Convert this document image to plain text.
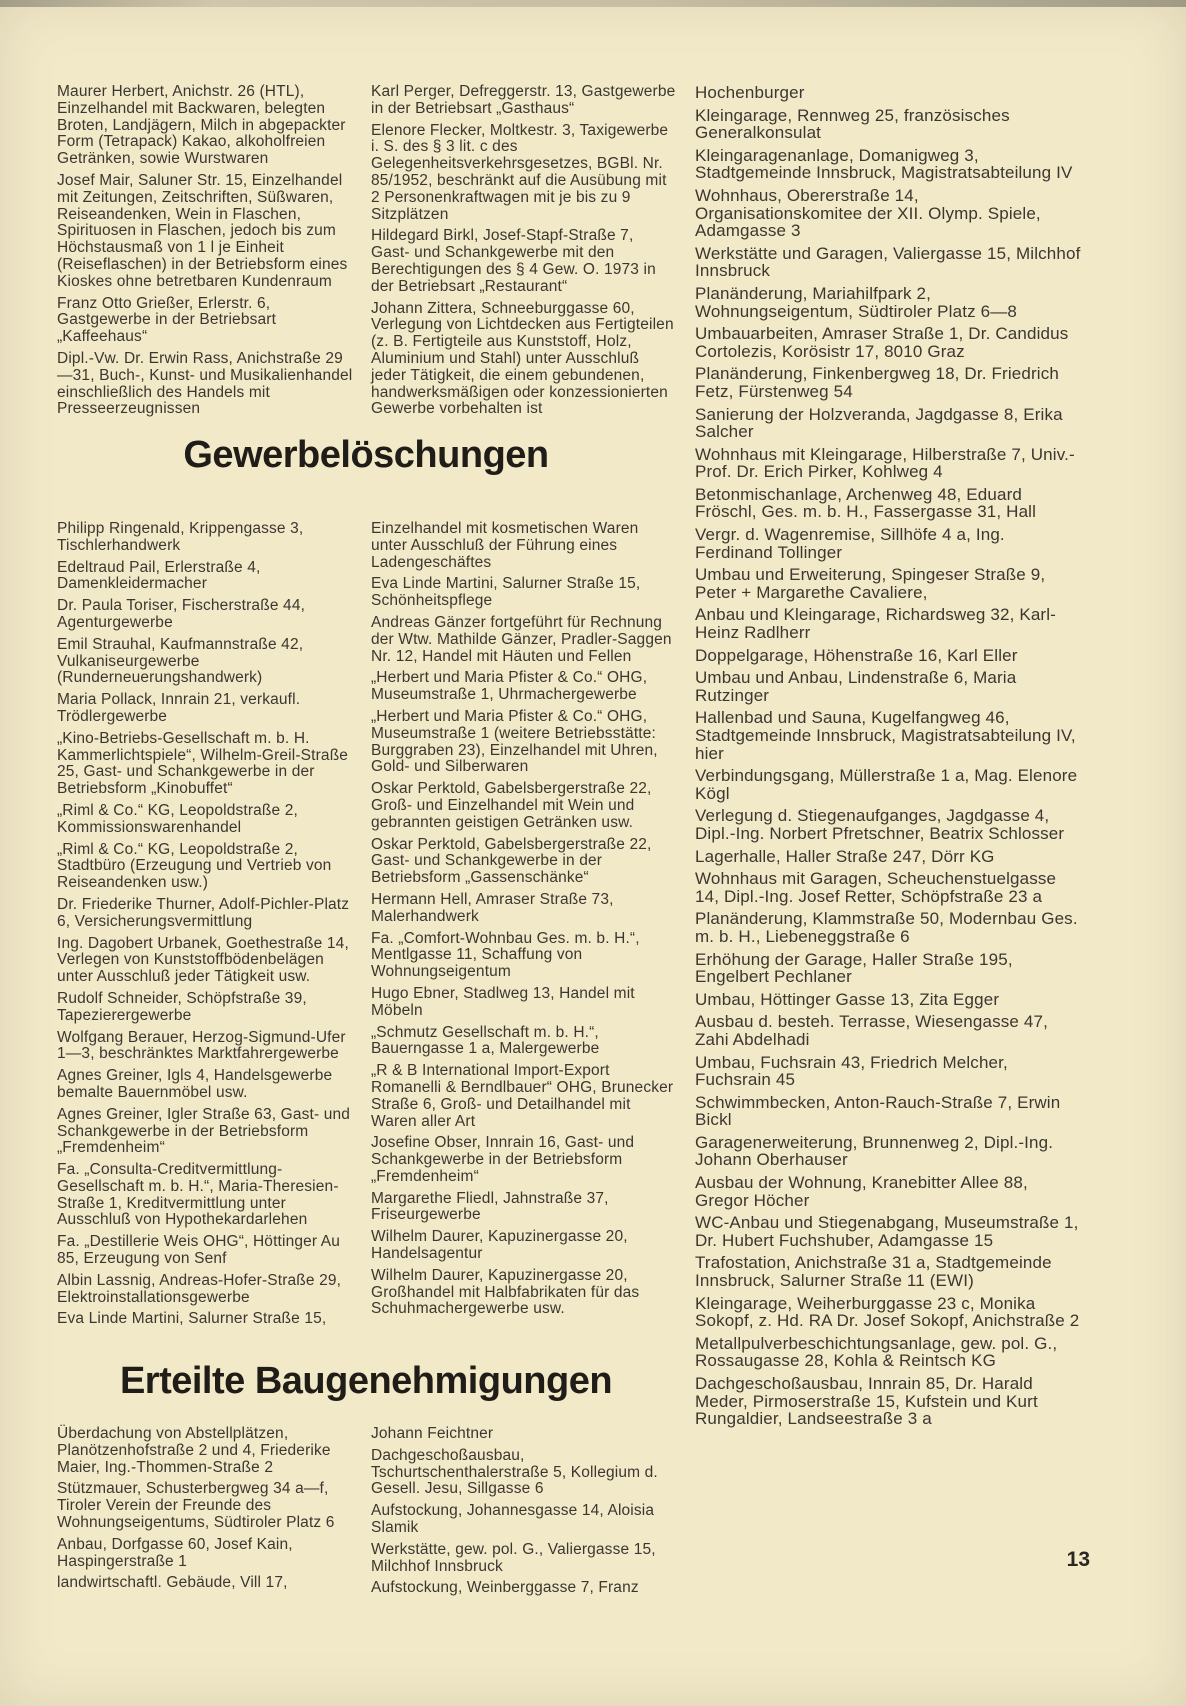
Maurer Herbert, Anichstr. 26 (HTL), Einzelhandel mit Backwaren, belegten Broten, Landjägern, Milch in abgepackter Form (Tetrapack) Kakao, alkoholfreien Getränken, sowie Wurstwaren

Josef Mair, Saluner Str. 15, Einzelhandel mit Zeitungen, Zeitschriften, Süßwaren, Reiseandenken, Wein in Flaschen, Spirituosen in Flaschen, jedoch bis zum Höchstausmaß von 1 l je Einheit (Reiseflaschen) in der Betriebsform eines Kioskes ohne betretbaren Kundenraum

Franz Otto Grießer, Erlerstr. 6, Gastgewerbe in der Betriebsart „Kaffeehaus“

Dipl.-Vw. Dr. Erwin Rass, Anichstraße 29—31, Buch-, Kunst- und Musikalienhandel einschließlich des Handels mit Presseerzeugnissen

Karl Perger, Defreggerstr. 13, Gastgewerbe in der Betriebsart „Gasthaus“

Elenore Flecker, Moltkestr. 3, Taxigewerbe i. S. des § 3 lit. c des Gelegenheitsverkehrsgesetzes, BGBl. Nr. 85/1952, beschränkt auf die Ausübung mit 2 Personenkraftwagen mit je bis zu 9 Sitzplätzen

Hildegard Birkl, Josef-Stapf-Straße 7, Gast- und Schankgewerbe mit den Berechtigungen des § 4 Gew. O. 1973 in der Betriebsart „Restaurant“

Johann Zittera, Schneeburggasse 60, Verlegung von Lichtdecken aus Fertigteilen (z. B. Fertigteile aus Kunststoff, Holz, Aluminium und Stahl) unter Ausschluß jeder Tätigkeit, die einem gebundenen, handwerksmäßigen oder konzessionierten Gewerbe vorbehalten ist

Gewerbelöschungen

Philipp Ringenald, Krippengasse 3, Tischlerhandwerk

Edeltraud Pail, Erlerstraße 4, Damenkleidermacher

Dr. Paula Toriser, Fischerstraße 44, Agenturgewerbe

Emil Strauhal, Kaufmannstraße 42, Vulkaniseurgewerbe (Runderneuerungshandwerk)

Maria Pollack, Innrain 21, verkaufl. Trödlergewerbe

„Kino-Betriebs-Gesellschaft m. b. H. Kammerlichtspiele“, Wilhelm-Greil-Straße 25, Gast- und Schankgewerbe in der Betriebsform „Kinobuffet“

„Riml & Co.“ KG, Leopoldstraße 2, Kommissionswarenhandel

„Riml & Co.“ KG, Leopoldstraße 2, Stadtbüro (Erzeugung und Vertrieb von Reiseandenken usw.)

Dr. Friederike Thurner, Adolf-Pichler-Platz 6, Versicherungsvermittlung

Ing. Dagobert Urbanek, Goethestraße 14, Verlegen von Kunststoffbödenbelägen unter Ausschluß jeder Tätigkeit usw.

Rudolf Schneider, Schöpfstraße 39, Tapezierergewerbe

Wolfgang Berauer, Herzog-Sigmund-Ufer 1—3, beschränktes Marktfahrergewerbe

Agnes Greiner, Igls 4, Handelsgewerbe bemalte Bauernmöbel usw.

Agnes Greiner, Igler Straße 63, Gast- und Schankgewerbe in der Betriebsform „Fremdenheim“

Fa. „Consulta-Creditvermittlung-Gesellschaft m. b. H.“, Maria-Theresien-Straße 1, Kreditvermittlung unter Ausschluß von Hypothekardarlehen

Fa. „Destillerie Weis OHG“, Höttinger Au 85, Erzeugung von Senf

Albin Lassnig, Andreas-Hofer-Straße 29, Elektroinstallationsgewerbe

Eva Linde Martini, Salurner Straße 15,

Einzelhandel mit kosmetischen Waren unter Ausschluß der Führung eines Ladengeschäftes

Eva Linde Martini, Salurner Straße 15, Schönheitspflege

Andreas Gänzer fortgeführt für Rechnung der Wtw. Mathilde Gänzer, Pradler-Saggen Nr. 12, Handel mit Häuten und Fellen

„Herbert und Maria Pfister & Co.“ OHG, Museumstraße 1, Uhrmachergewerbe

„Herbert und Maria Pfister & Co.“ OHG, Museumstraße 1 (weitere Betriebsstätte: Burggraben 23), Einzelhandel mit Uhren, Gold- und Silberwaren

Oskar Perktold, Gabelsbergerstraße 22, Groß- und Einzelhandel mit Wein und gebrannten geistigen Getränken usw.

Oskar Perktold, Gabelsbergerstraße 22, Gast- und Schankgewerbe in der Betriebsform „Gassenschänke“

Hermann Hell, Amraser Straße 73, Malerhandwerk

Fa. „Comfort-Wohnbau Ges. m. b. H.“, Mentlgasse 11, Schaffung von Wohnungseigentum

Hugo Ebner, Stadlweg 13, Handel mit Möbeln

„Schmutz Gesellschaft m. b. H.“, Bauerngasse 1 a, Malergewerbe

„R & B International Import-Export Romanelli & Berndlbauer“ OHG, Brunecker Straße 6, Groß- und Detailhandel mit Waren aller Art

Josefine Obser, Innrain 16, Gast- und Schankgewerbe in der Betriebsform „Fremdenheim“

Margarethe Fliedl, Jahnstraße 37, Friseurgewerbe

Wilhelm Daurer, Kapuzinergasse 20, Handelsagentur

Wilhelm Daurer, Kapuzinergasse 20, Großhandel mit Halbfabrikaten für das Schuhmachergewerbe usw.

Erteilte Baugenehmigungen

Überdachung von Abstellplätzen, Planötzenhofstraße 2 und 4, Friederike Maier, Ing.-Thommen-Straße 2

Stützmauer, Schusterbergweg 34 a—f, Tiroler Verein der Freunde des Wohnungseigentums, Südtiroler Platz 6

Anbau, Dorfgasse 60, Josef Kain, Haspingerstraße 1

landwirtschaftl. Gebäude, Vill 17,

Johann Feichtner

Dachgeschoßausbau, Tschurtschenthalerstraße 5, Kollegium d. Gesell. Jesu, Sillgasse 6

Aufstockung, Johannesgasse 14, Aloisia Slamik

Werkstätte, gew. pol. G., Valiergasse 15, Milchhof Innsbruck

Aufstockung, Weinberggasse 7, Franz

Hochenburger

Kleingarage, Rennweg 25, französisches Generalkonsulat

Kleingaragenanlage, Domanigweg 3, Stadtgemeinde Innsbruck, Magistratsabteilung IV

Wohnhaus, Obererstraße 14, Organisationskomitee der XII. Olymp. Spiele, Adamgasse 3

Werkstätte und Garagen, Valiergasse 15, Milchhof Innsbruck

Planänderung, Mariahilfpark 2, Wohnungseigentum, Südtiroler Platz 6—8

Umbauarbeiten, Amraser Straße 1, Dr. Candidus Cortolezis, Korösistr 17, 8010 Graz

Planänderung, Finkenbergweg 18, Dr. Friedrich Fetz, Fürstenweg 54

Sanierung der Holzveranda, Jagdgasse 8, Erika Salcher

Wohnhaus mit Kleingarage, Hilberstraße 7, Univ.-Prof. Dr. Erich Pirker, Kohlweg 4

Betonmischanlage, Archenweg 48, Eduard Fröschl, Ges. m. b. H., Fassergasse 31, Hall

Vergr. d. Wagenremise, Sillhöfe 4 a, Ing. Ferdinand Tollinger

Umbau und Erweiterung, Spingeser Straße 9, Peter + Margarethe Cavaliere,

Anbau und Kleingarage, Richardsweg 32, Karl-Heinz Radlherr

Doppelgarage, Höhenstraße 16, Karl Eller

Umbau und Anbau, Lindenstraße 6, Maria Rutzinger

Hallenbad und Sauna, Kugelfangweg 46, Stadtgemeinde Innsbruck, Magistratsabteilung IV, hier

Verbindungsgang, Müllerstraße 1 a, Mag. Elenore Kögl

Verlegung d. Stiegenaufganges, Jagdgasse 4, Dipl.-Ing. Norbert Pfretschner, Beatrix Schlosser

Lagerhalle, Haller Straße 247, Dörr KG

Wohnhaus mit Garagen, Scheuchenstuelgasse 14, Dipl.-Ing. Josef Retter, Schöpfstraße 23 a

Planänderung, Klammstraße 50, Modernbau Ges. m. b. H., Liebeneggstraße 6

Erhöhung der Garage, Haller Straße 195, Engelbert Pechlaner

Umbau, Höttinger Gasse 13, Zita Egger

Ausbau d. besteh. Terrasse, Wiesengasse 47, Zahi Abdelhadi

Umbau, Fuchsrain 43, Friedrich Melcher, Fuchsrain 45

Schwimmbecken, Anton-Rauch-Straße 7, Erwin Bickl

Garagenerweiterung, Brunnenweg 2, Dipl.-Ing. Johann Oberhauser

Ausbau der Wohnung, Kranebitter Allee 88, Gregor Höcher

WC-Anbau und Stiegenabgang, Museumstraße 1, Dr. Hubert Fuchshuber, Adamgasse 15

Trafostation, Anichstraße 31 a, Stadtgemeinde Innsbruck, Salurner Straße 11 (EWI)

Kleingarage, Weiherburggasse 23 c, Monika Sokopf, z. Hd. RA Dr. Josef Sokopf, Anichstraße 2

Metallpulverbeschichtungsanlage, gew. pol. G., Rossaugasse 28, Kohla & Reintsch KG

Dachgeschoßausbau, Innrain 85, Dr. Harald Meder, Pirmoserstraße 15, Kufstein und Kurt Rungaldier, Landseestraße 3 a

13
